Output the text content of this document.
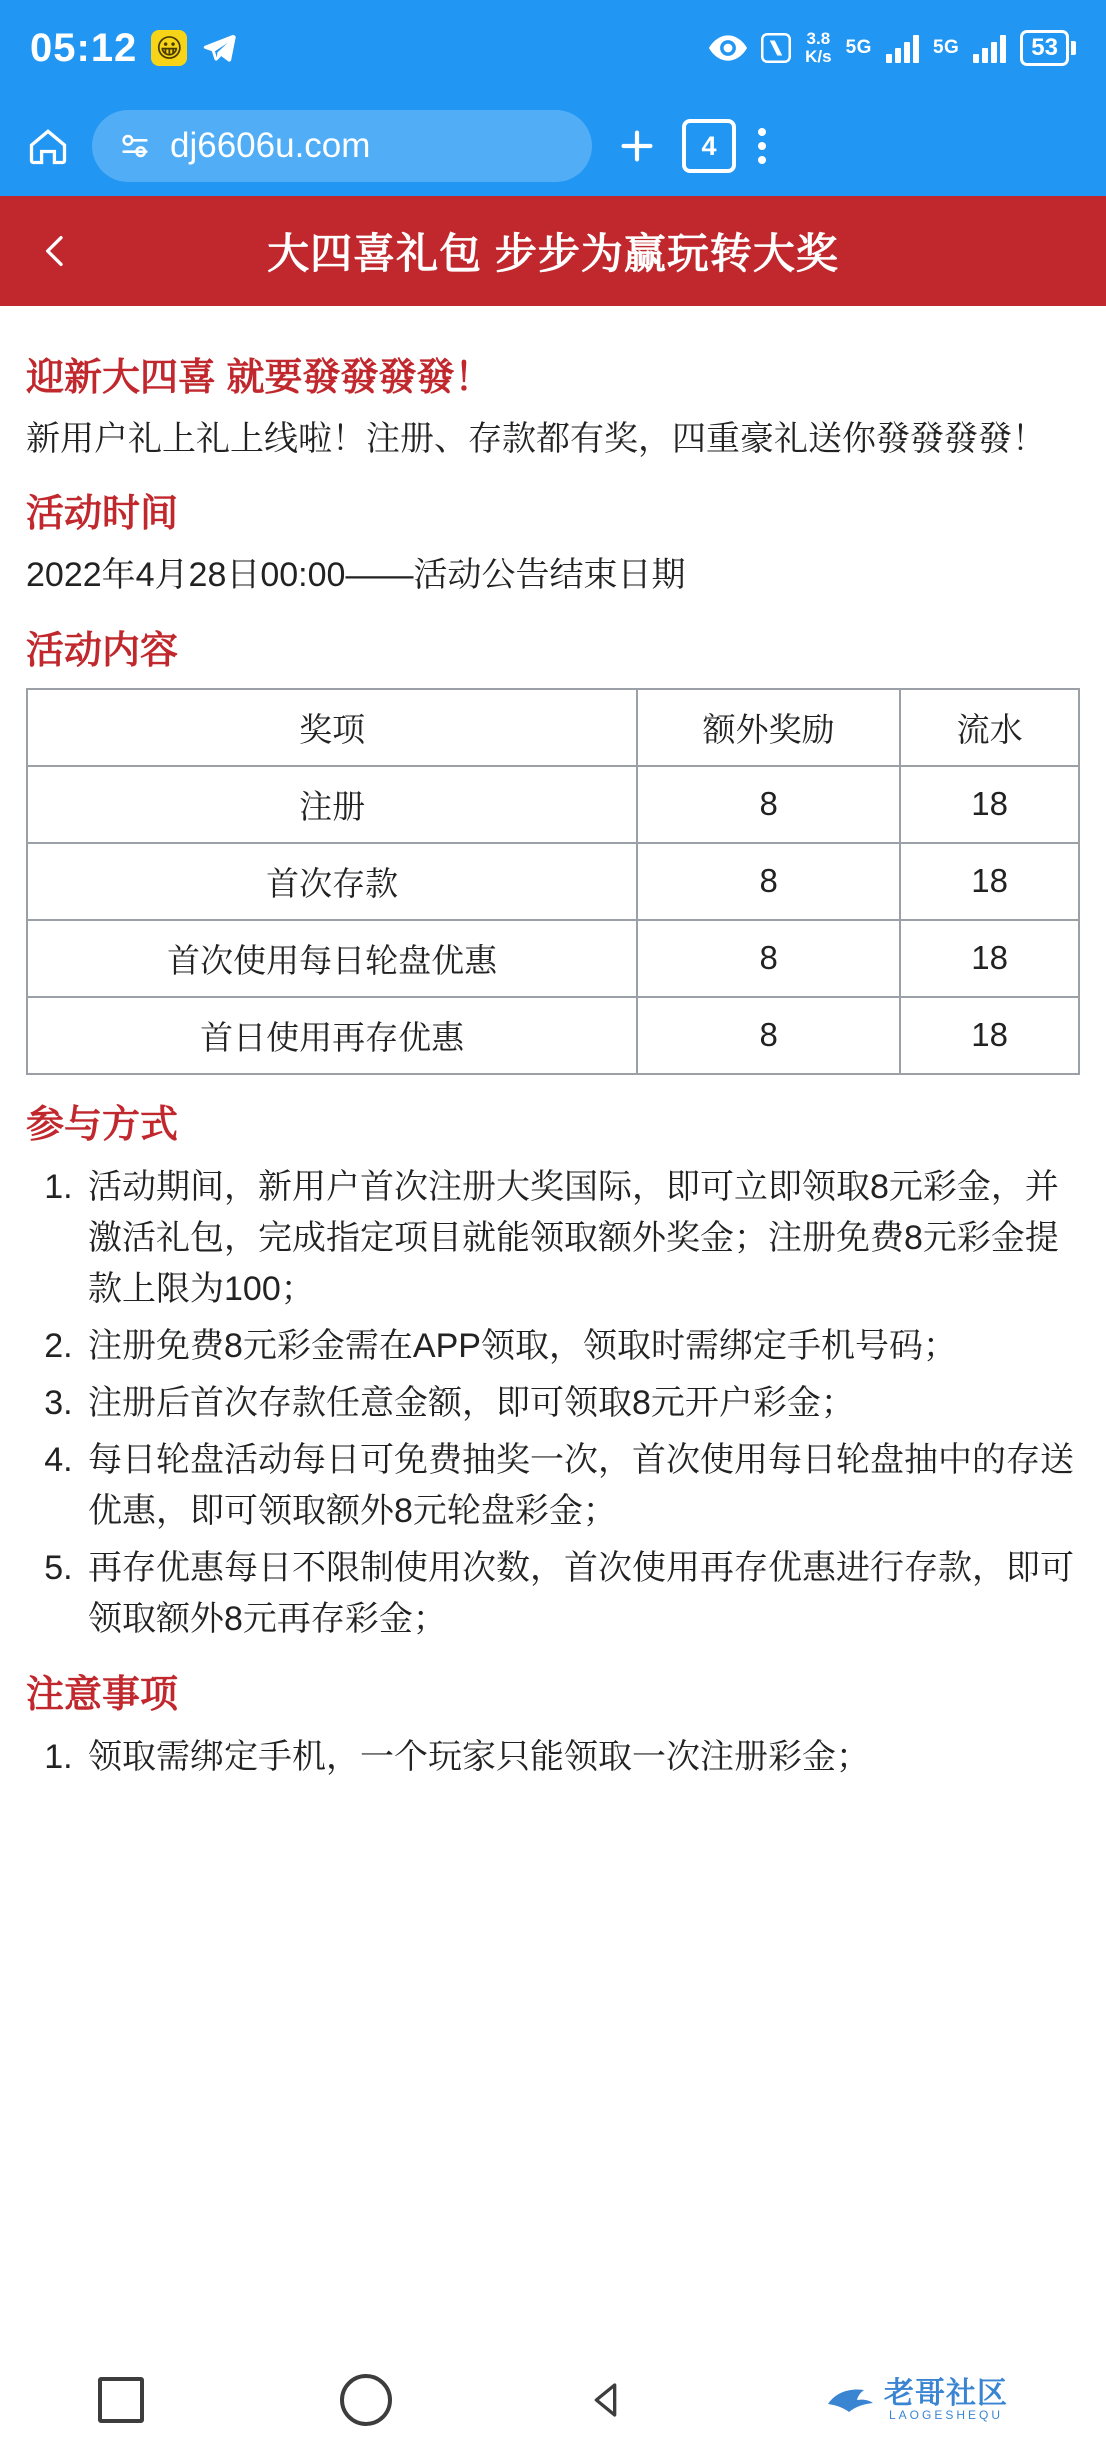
05:12 😀	3.8
K/s 5G	5G	53
dj6606u.com	4
大四喜礼包 步步为赢玩转大奖
迎新大四喜 就要發發發發！

新用户礼上礼上线啦！注册、存款都有奖，四重豪礼送你發發發發！

活动时间

2022年4月28日00:00——活动公告结束日期

活动内容
奖项	额外奖励	流水
注册	8	18
首次存款	8	18
首次使用每日轮盘优惠	8	18
首日使用再存优惠	8	18
参与方式
1. 活动期间，新用户首次注册大奖国际，即可立即领取8元彩金，并激活礼包，完成指定项目就能领取额外奖金；注册免费8元彩金提款上限为100；
2. 注册免费8元彩金需在APP领取，领取时需绑定手机号码；
3. 注册后首次存款任意金额，即可领取8元开户彩金；
4. 每日轮盘活动每日可免费抽奖一次，首次使用每日轮盘抽中的存送优惠，即可领取额外8元轮盘彩金；
5. 再存优惠每日不限制使用次数，首次使用再存优惠进行存款，即可领取额外8元再存彩金；
注意事项
1. 领取需绑定手机，一个玩家只能领取一次注册彩金；
老哥社区
LAOGESHEQU
